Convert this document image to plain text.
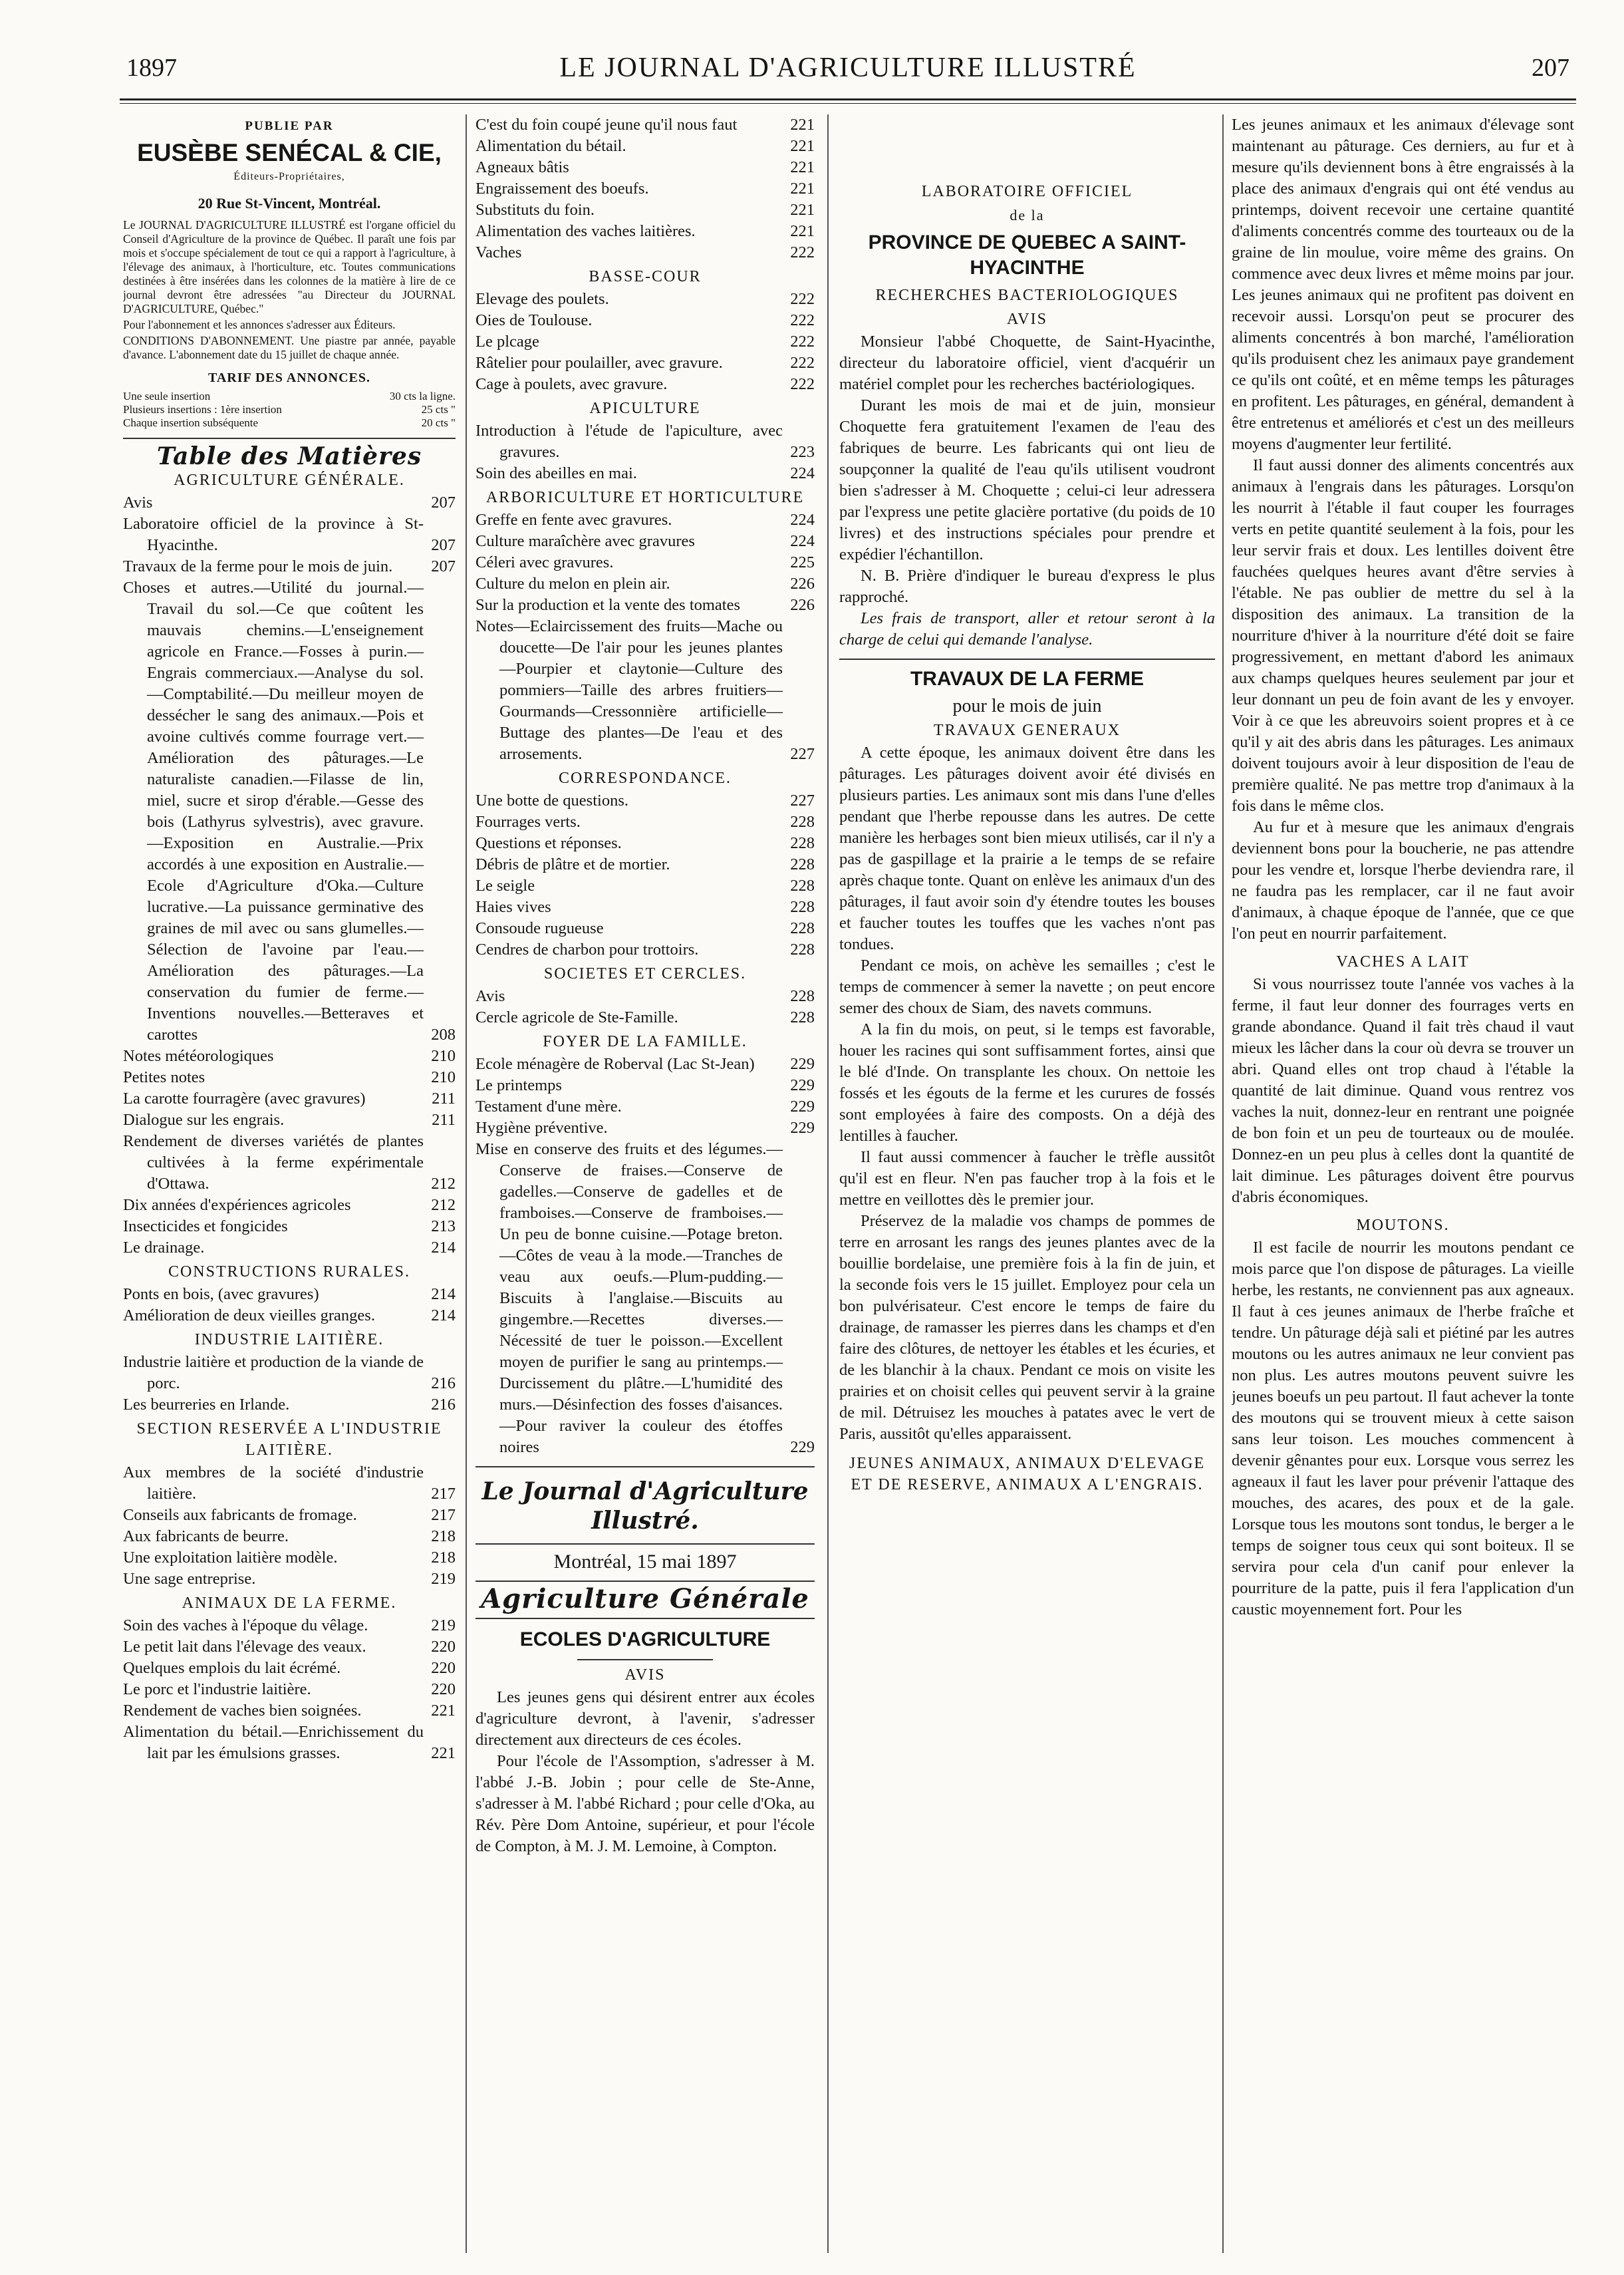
1897	LE JOURNAL D'AGRICULTURE ILLUSTRÉ	207
PUBLIE PAR
EUSÈBE SENÉCAL & CIE,
Éditeurs-Propriétaires,
20 Rue St-Vincent, Montréal.
Le JOURNAL D'AGRICULTURE ILLUSTRÉ est l'organe officiel du Conseil d'Agriculture de la province de Québec. Il paraît une fois par mois et s'occupe spécialement de tout ce qui a rapport à l'agriculture, à l'élevage des animaux, à l'horticulture, etc. Toutes communications destinées à être insérées dans les colonnes de la matière à lire de ce journal devront être adressées "au Directeur du JOURNAL D'AGRICULTURE, Québec."
Pour l'abonnement et les annonces s'adresser aux Éditeurs.
CONDITIONS D'ABONNEMENT. Une piastre par année, payable d'avance. L'abonnement date du 15 juillet de chaque année.
TARIF DES ANNONCES.
Une seule insertion	30 cts la ligne.
Plusieurs insertions : 1ère insertion	25 cts "
Chaque insertion subséquente	20 cts "
Table des Matières
AGRICULTURE GÉNÉRALE.
Avis	207
Laboratoire officiel de la province à St-Hyacinthe.	207
Travaux de la ferme pour le mois de juin.	207
Choses et autres.—Utilité du journal.—Travail du sol.—Ce que coûtent les mauvais chemins.—L'enseignement agricole en France.—Fosses à purin.—Engrais commerciaux.—Analyse du sol.—Comptabilité.—Du meilleur moyen de dessécher le sang des animaux.—Pois et avoine cultivés comme fourrage vert.—Amélioration des pâturages.—Le naturaliste canadien.—Filasse de lin, miel, sucre et sirop d'érable.—Gesse des bois (Lathyrus sylvestris), avec gravure.—Exposition en Australie.—Prix accordés à une exposition en Australie.—Ecole d'Agriculture d'Oka.—Culture lucrative.—La puissance germinative des graines de mil avec ou sans glumelles.—Sélection de l'avoine par l'eau.—Amélioration des pâturages.—La conservation du fumier de ferme.—Inventions nouvelles.—Betteraves et carottes	208
Notes météorologiques	210
Petites notes	210
La carotte fourragère (avec gravures)	211
Dialogue sur les engrais.	211
Rendement de diverses variétés de plantes cultivées à la ferme expérimentale d'Ottawa.	212
Dix années d'expériences agricoles	212
Insecticides et fongicides	213
Le drainage.	214
CONSTRUCTIONS RURALES.
Ponts en bois, (avec gravures)	214
Amélioration de deux vieilles granges.	214
INDUSTRIE LAITIÈRE.
Industrie laitière et production de la viande de porc.	216
Les beurreries en Irlande.	216
SECTION RESERVÉE A L'INDUSTRIE LAITIÈRE.
Aux membres de la société d'industrie laitière.	217
Conseils aux fabricants de fromage.	217
Aux fabricants de beurre.	218
Une exploitation laitière modèle.	218
Une sage entreprise.	219
ANIMAUX DE LA FERME.
Soin des vaches à l'époque du vêlage.	219
Le petit lait dans l'élevage des veaux.	220
Quelques emplois du lait écrémé.	220
Le porc et l'industrie laitière.	220
Rendement de vaches bien soignées.	221
Alimentation du bétail.—Enrichissement du lait par les émulsions grasses.	221
C'est du foin coupé jeune qu'il nous faut	221
Alimentation du bétail.	221
Agneaux bâtis	221
Engraissement des boeufs.	221
Substituts du foin.	221
Alimentation des vaches laitières.	221
Vaches	222
BASSE-COUR
Elevage des poulets.	222
Oies de Toulouse.	222
Le plcage	222
Râtelier pour poulailler, avec gravure.	222
Cage à poulets, avec gravure.	222
APICULTURE
Introduction à l'étude de l'apiculture, avec gravures.	223
Soin des abeilles en mai.	224
ARBORICULTURE ET HORTICULTURE
Greffe en fente avec gravures.	224
Culture maraîchère avec gravures	224
Céleri avec gravures.	225
Culture du melon en plein air.	226
Sur la production et la vente des tomates	226
Notes—Eclaircissement des fruits—Mache ou doucette—De l'air pour les jeunes plantes—Pourpier et claytonie—Culture des pommiers—Taille des arbres fruitiers—Gourmands—Cressonnière artificielle—Buttage des plantes—De l'eau et des arrosements.	227
CORRESPONDANCE.
Une botte de questions.	227
Fourrages verts.	228
Questions et réponses.	228
Débris de plâtre et de mortier.	228
Le seigle	228
Haies vives	228
Consoude rugueuse	228
Cendres de charbon pour trottoirs.	228
SOCIETES ET CERCLES.
Avis	228
Cercle agricole de Ste-Famille.	228
FOYER DE LA FAMILLE.
Ecole ménagère de Roberval (Lac St-Jean)	229
Le printemps	229
Testament d'une mère.	229
Hygiène préventive.	229
Mise en conserve des fruits et des légumes.—Conserve de fraises.—Conserve de gadelles.—Conserve de gadelles et de framboises.—Conserve de framboises.—Un peu de bonne cuisine.—Potage breton.—Côtes de veau à la mode.—Tranches de veau aux oeufs.—Plum-pudding.—Biscuits à l'anglaise.—Biscuits au gingembre.—Recettes diverses.—Nécessité de tuer le poisson.—Excellent moyen de purifier le sang au printemps.—Durcissement du plâtre.—L'humidité des murs.—Désinfection des fosses d'aisances.—Pour raviver la couleur des étoffes noires	229
Le Journal d'Agriculture
Illustré.
Montréal, 15 mai 1897
Agriculture Générale
ECOLES D'AGRICULTURE
AVIS

Les jeunes gens qui désirent entrer aux écoles d'agriculture devront, à l'avenir, s'adresser directement aux directeurs de ces écoles.

Pour l'école de l'Assomption, s'adresser à M. l'abbé J.-B. Jobin ; pour celle de Ste-Anne, s'adresser à M. l'abbé Richard ; pour celle d'Oka, au Rév. Père Dom Antoine, supérieur, et pour l'école de Compton, à M. J. M. Lemoine, à Compton.

LABORATOIRE OFFICIEL
de la
PROVINCE DE QUEBEC A SAINT-HYACINTHE
RECHERCHES BACTERIOLOGIQUES
AVIS

Monsieur l'abbé Choquette, de Saint-Hyacinthe, directeur du laboratoire officiel, vient d'acquérir un matériel complet pour les recherches bactériologiques.

Durant les mois de mai et de juin, monsieur Choquette fera gratuitement l'examen de l'eau des fabriques de beurre. Les fabricants qui ont lieu de soupçonner la qualité de l'eau qu'ils utilisent voudront bien s'adresser à M. Choquette ; celui-ci leur adressera par l'express une petite glacière portative (du poids de 10 livres) et des instructions spéciales pour prendre et expédier l'échantillon.

N. B. Prière d'indiquer le bureau d'express le plus rapproché.

Les frais de transport, aller et retour seront à la charge de celui qui demande l'analyse.

TRAVAUX DE LA FERME
pour le mois de juin
TRAVAUX GENERAUX

A cette époque, les animaux doivent être dans les pâturages. Les pâturages doivent avoir été divisés en plusieurs parties. Les animaux sont mis dans l'une d'elles pendant que l'herbe repousse dans les autres. De cette manière les herbages sont bien mieux utilisés, car il n'y a pas de gaspillage et la prairie a le temps de se refaire après chaque tonte. Quant on enlève les animaux d'un des pâturages, il faut avoir soin d'y étendre toutes les bouses et faucher toutes les touffes que les vaches n'ont pas tondues.

Pendant ce mois, on achève les semailles ; c'est le temps de commencer à semer la navette ; on peut encore semer des choux de Siam, des navets communs.

A la fin du mois, on peut, si le temps est favorable, houer les racines qui sont suffisamment fortes, ainsi que le blé d'Inde. On transplante les choux. On nettoie les fossés et les égouts de la ferme et les curures de fossés sont employées à faire des composts. On a déjà des lentilles à faucher.

Il faut aussi commencer à faucher le trèfle aussitôt qu'il est en fleur. N'en pas faucher trop à la fois et le mettre en veillottes dès le premier jour.

Préservez de la maladie vos champs de pommes de terre en arrosant les rangs des jeunes plantes avec de la bouillie bordelaise, une première fois à la fin de juin, et la seconde fois vers le 15 juillet. Employez pour cela un bon pulvérisateur. C'est encore le temps de faire du drainage, de ramasser les pierres dans les champs et d'en faire des clôtures, de nettoyer les étables et les écuries, et de les blanchir à la chaux. Pendant ce mois on visite les prairies et on choisit celles qui peuvent servir à la graine de mil. Détruisez les mouches à patates avec le vert de Paris, aussitôt qu'elles apparaissent.

JEUNES ANIMAUX, ANIMAUX D'ELEVAGE ET DE RESERVE, ANIMAUX A L'ENGRAIS.

Les jeunes animaux et les animaux d'élevage sont maintenant au pâturage. Ces derniers, au fur et à mesure qu'ils deviennent bons à être engraissés à la place des animaux d'engrais qui ont été vendus au printemps, doivent recevoir une certaine quantité d'aliments concentrés comme des tourteaux ou de la graine de lin moulue, voire même des grains. On commence avec deux livres et même moins par jour. Les jeunes animaux qui ne profitent pas doivent en recevoir aussi. Lorsqu'on peut se procurer des aliments concentrés à bon marché, l'amélioration qu'ils produisent chez les animaux paye grandement ce qu'ils ont coûté, et en même temps les pâturages en profitent. Les pâturages, en général, demandent à être entretenus et améliorés et c'est un des meilleurs moyens d'augmenter leur fertilité.

Il faut aussi donner des aliments concentrés aux animaux à l'engrais dans les pâturages. Lorsqu'on les nourrit à l'étable il faut couper les fourrages verts en petite quantité seulement à la fois, pour les leur servir frais et doux. Les lentilles doivent être fauchées quelques heures avant d'être servies à l'étable. Ne pas oublier de mettre du sel à la disposition des animaux. La transition de la nourriture d'hiver à la nourriture d'été doit se faire progressivement, en mettant d'abord les animaux aux champs quelques heures seulement par jour et leur donnant un peu de foin avant de les y envoyer. Voir à ce que les abreuvoirs soient propres et à ce qu'il y ait des abris dans les pâturages. Les animaux doivent toujours avoir à leur disposition de l'eau de première qualité. Ne pas mettre trop d'animaux à la fois dans le même clos.

Au fur et à mesure que les animaux d'engrais deviennent bons pour la boucherie, ne pas attendre pour les vendre et, lorsque l'herbe deviendra rare, il ne faudra pas les remplacer, car il ne faut avoir d'animaux, à chaque époque de l'année, que ce que l'on peut en nourrir parfaitement.

VACHES A LAIT

Si vous nourrissez toute l'année vos vaches à la ferme, il faut leur donner des fourrages verts en grande abondance. Quand il fait très chaud il vaut mieux les lâcher dans la cour où devra se trouver un abri. Quand elles ont trop chaud à l'étable la quantité de lait diminue. Quand vous rentrez vos vaches la nuit, donnez-leur en rentrant une poignée de bon foin et un peu de tourteaux ou de moulée. Donnez-en un peu plus à celles dont la quantité de lait diminue. Les pâturages doivent être pourvus d'abris économiques.

MOUTONS.

Il est facile de nourrir les moutons pendant ce mois parce que l'on dispose de pâturages. La vieille herbe, les restants, ne conviennent pas aux agneaux. Il faut à ces jeunes animaux de l'herbe fraîche et tendre. Un pâturage déjà sali et piétiné par les autres moutons ou les autres animaux ne leur convient pas non plus. Les autres moutons peuvent suivre les jeunes boeufs un peu partout. Il faut achever la tonte des moutons qui se trouvent mieux à cette saison sans leur toison. Les mouches commencent à devenir gênantes pour eux. Lorsque vous serrez les agneaux il faut les laver pour prévenir l'attaque des mouches, des acares, des poux et de la gale. Lorsque tous les moutons sont tondus, le berger a le temps de soigner tous ceux qui sont boiteux. Il se servira pour cela d'un canif pour enlever la pourriture de la patte, puis il fera l'application d'un caustic moyennement fort. Pour les
